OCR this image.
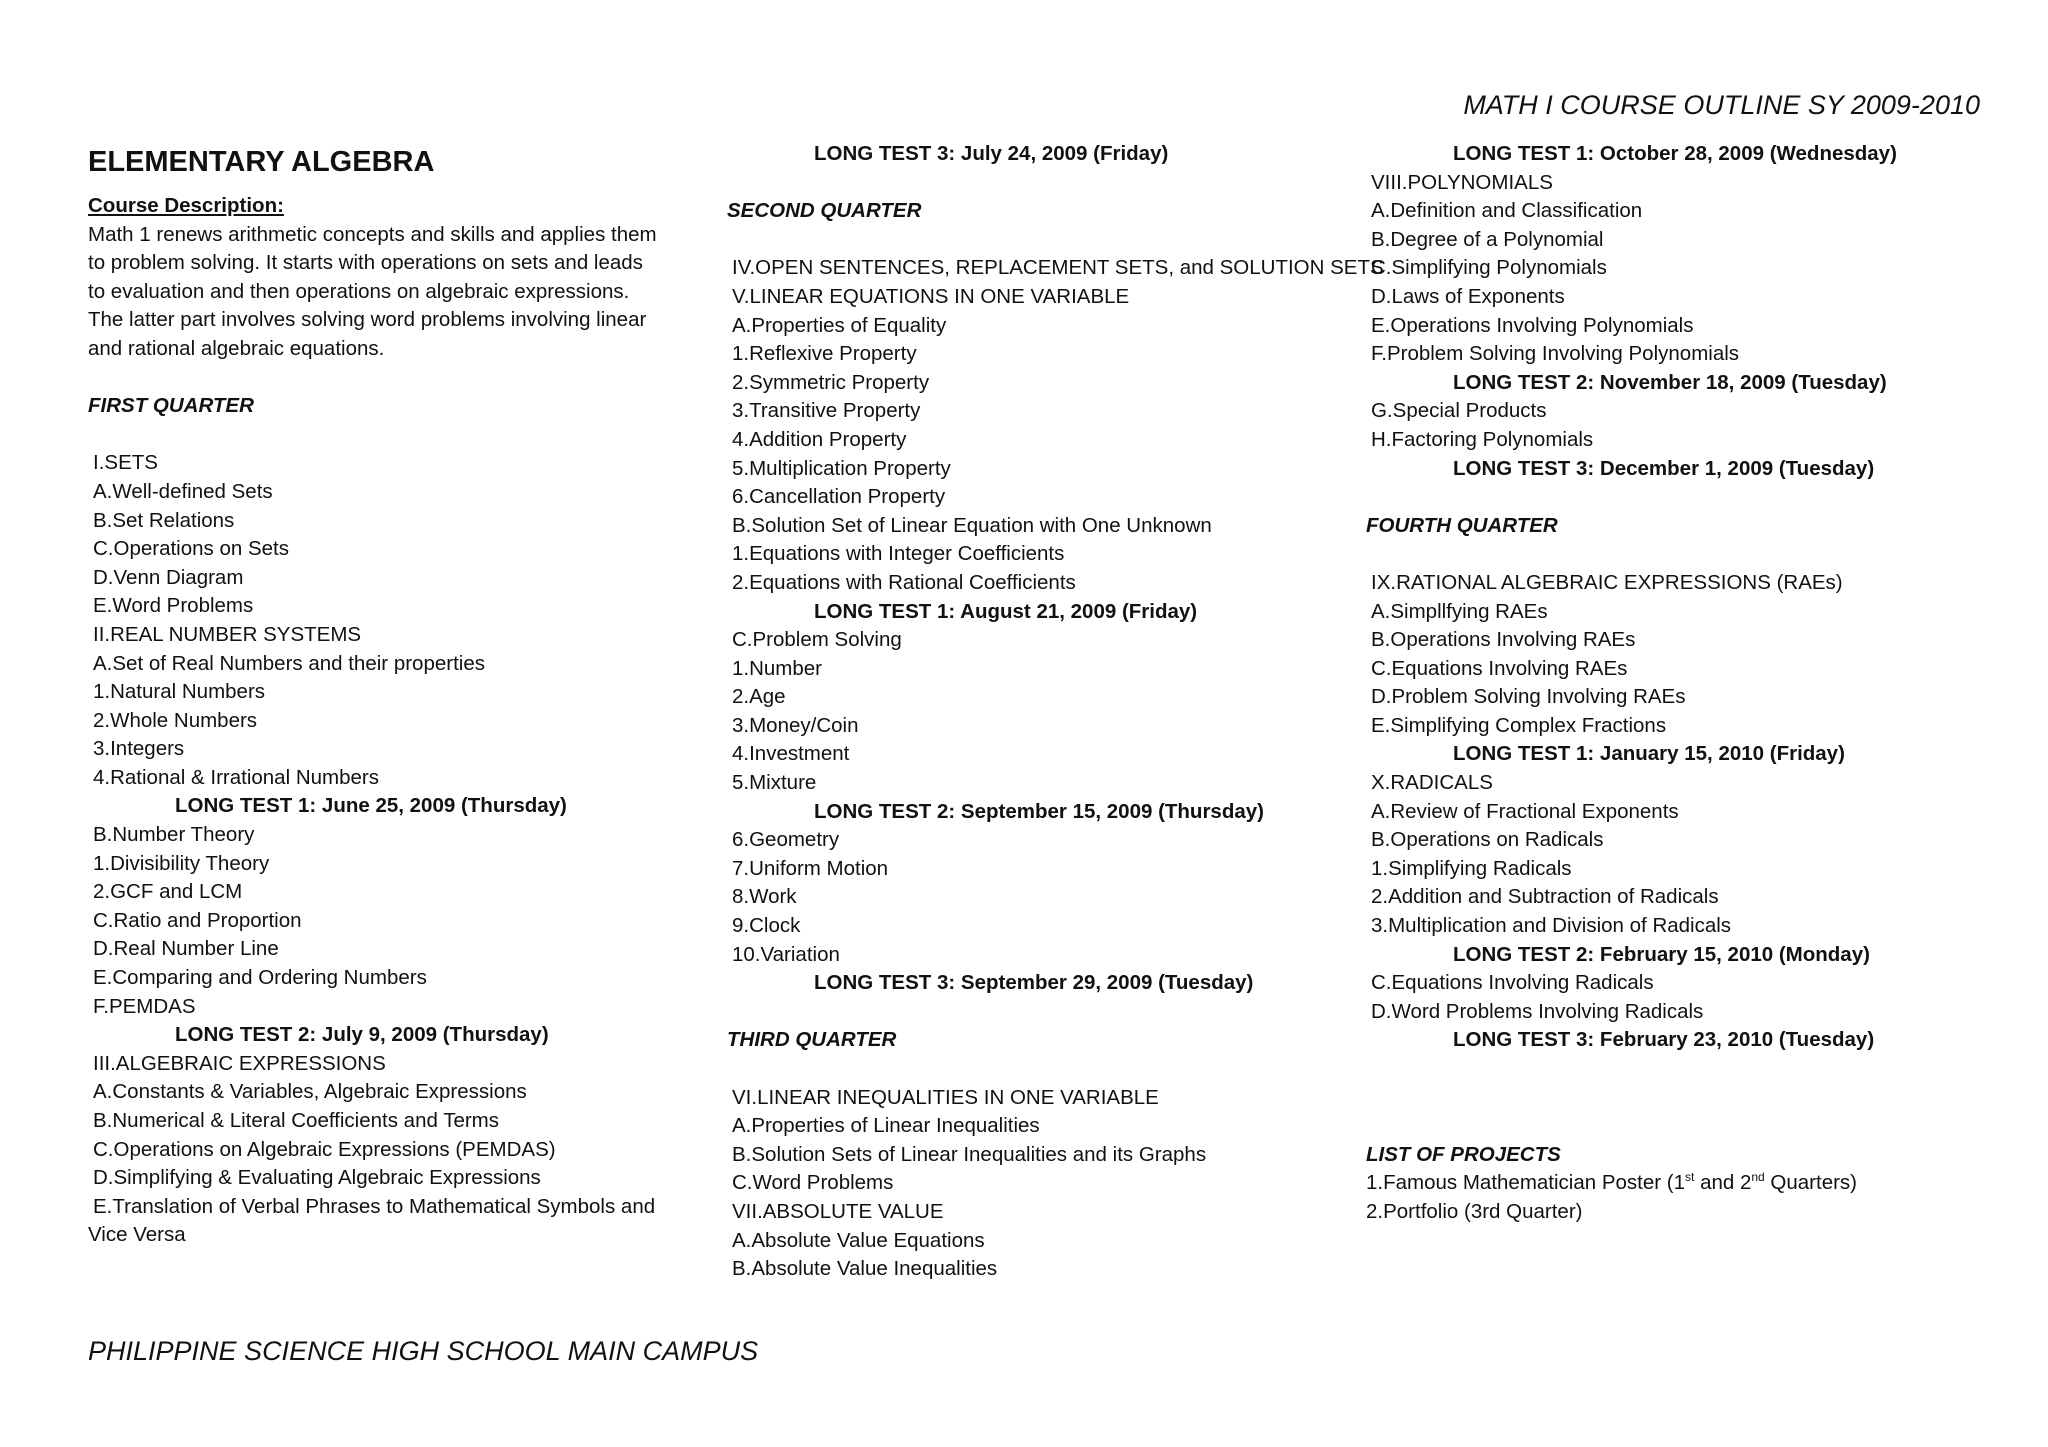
MATH I COURSE OUTLINE SY 2009-2010
ELEMENTARY ALGEBRA
Course Description:
Math 1 renews arithmetic concepts and skills and applies them
to problem solving. It starts with operations on sets and leads
to evaluation and then operations on algebraic expressions.
The latter part involves solving word problems involving linear
and rational algebraic equations.
FIRST QUARTER
I.SETS
A.Well-defined Sets
B.Set Relations
C.Operations on Sets
D.Venn Diagram
E.Word Problems
II.REAL NUMBER SYSTEMS
A.Set of Real Numbers and their properties
1.Natural Numbers
2.Whole Numbers
3.Integers
4.Rational & Irrational Numbers
LONG TEST 1: June 25, 2009 (Thursday)
B.Number Theory
1.Divisibility Theory
2.GCF and LCM
C.Ratio and Proportion
D.Real Number Line
E.Comparing and Ordering Numbers
F.PEMDAS
LONG TEST 2: July 9, 2009 (Thursday)
III.ALGEBRAIC EXPRESSIONS
A.Constants & Variables, Algebraic Expressions
B.Numerical & Literal Coefficients and Terms
C.Operations on Algebraic Expressions (PEMDAS)
D.Simplifying & Evaluating Algebraic Expressions
E.Translation of Verbal Phrases to Mathematical Symbols and
Vice Versa
LONG TEST 3: July 24, 2009 (Friday)
SECOND QUARTER
IV.OPEN SENTENCES, REPLACEMENT SETS, and SOLUTION SETS
V.LINEAR EQUATIONS IN ONE VARIABLE
A.Properties of Equality
1.Reflexive Property
2.Symmetric Property
3.Transitive Property
4.Addition Property
5.Multiplication Property
6.Cancellation Property
B.Solution Set of Linear Equation with One Unknown
1.Equations with Integer Coefficients
2.Equations with Rational Coefficients
LONG TEST 1: August 21, 2009 (Friday)
C.Problem Solving
1.Number
2.Age
3.Money/Coin
4.Investment
5.Mixture
LONG TEST 2: September 15, 2009 (Thursday)
6.Geometry
7.Uniform Motion
8.Work
9.Clock
10.Variation
LONG TEST 3: September 29, 2009 (Tuesday)
THIRD QUARTER
VI.LINEAR INEQUALITIES IN ONE VARIABLE
A.Properties of Linear Inequalities
B.Solution Sets of Linear Inequalities and its Graphs
C.Word Problems
VII.ABSOLUTE VALUE
A.Absolute Value Equations
B.Absolute Value Inequalities
LONG TEST 1: October 28, 2009 (Wednesday)
VIII.POLYNOMIALS
A.Definition and Classification
B.Degree of a Polynomial
C.Simplifying Polynomials
D.Laws of Exponents
E.Operations Involving Polynomials
F.Problem Solving Involving Polynomials
LONG TEST 2: November 18, 2009 (Tuesday)
G.Special Products
H.Factoring Polynomials
LONG TEST 3: December 1, 2009 (Tuesday)
FOURTH QUARTER
IX.RATIONAL ALGEBRAIC EXPRESSIONS (RAEs)
A.Simpllfying RAEs
B.Operations Involving RAEs
C.Equations Involving RAEs
D.Problem Solving Involving RAEs
E.Simplifying Complex Fractions
LONG TEST 1: January 15, 2010 (Friday)
X.RADICALS
A.Review of Fractional Exponents
B.Operations on Radicals
1.Simplifying Radicals
2.Addition and Subtraction of Radicals
3.Multiplication and Division of Radicals
LONG TEST 2: February 15, 2010 (Monday)
C.Equations Involving Radicals
D.Word Problems Involving Radicals
LONG TEST 3: February 23, 2010 (Tuesday)
LIST OF PROJECTS
1.Famous Mathematician Poster (1st and 2nd Quarters)
2.Portfolio (3rd Quarter)
PHILIPPINE SCIENCE HIGH SCHOOL MAIN CAMPUS
